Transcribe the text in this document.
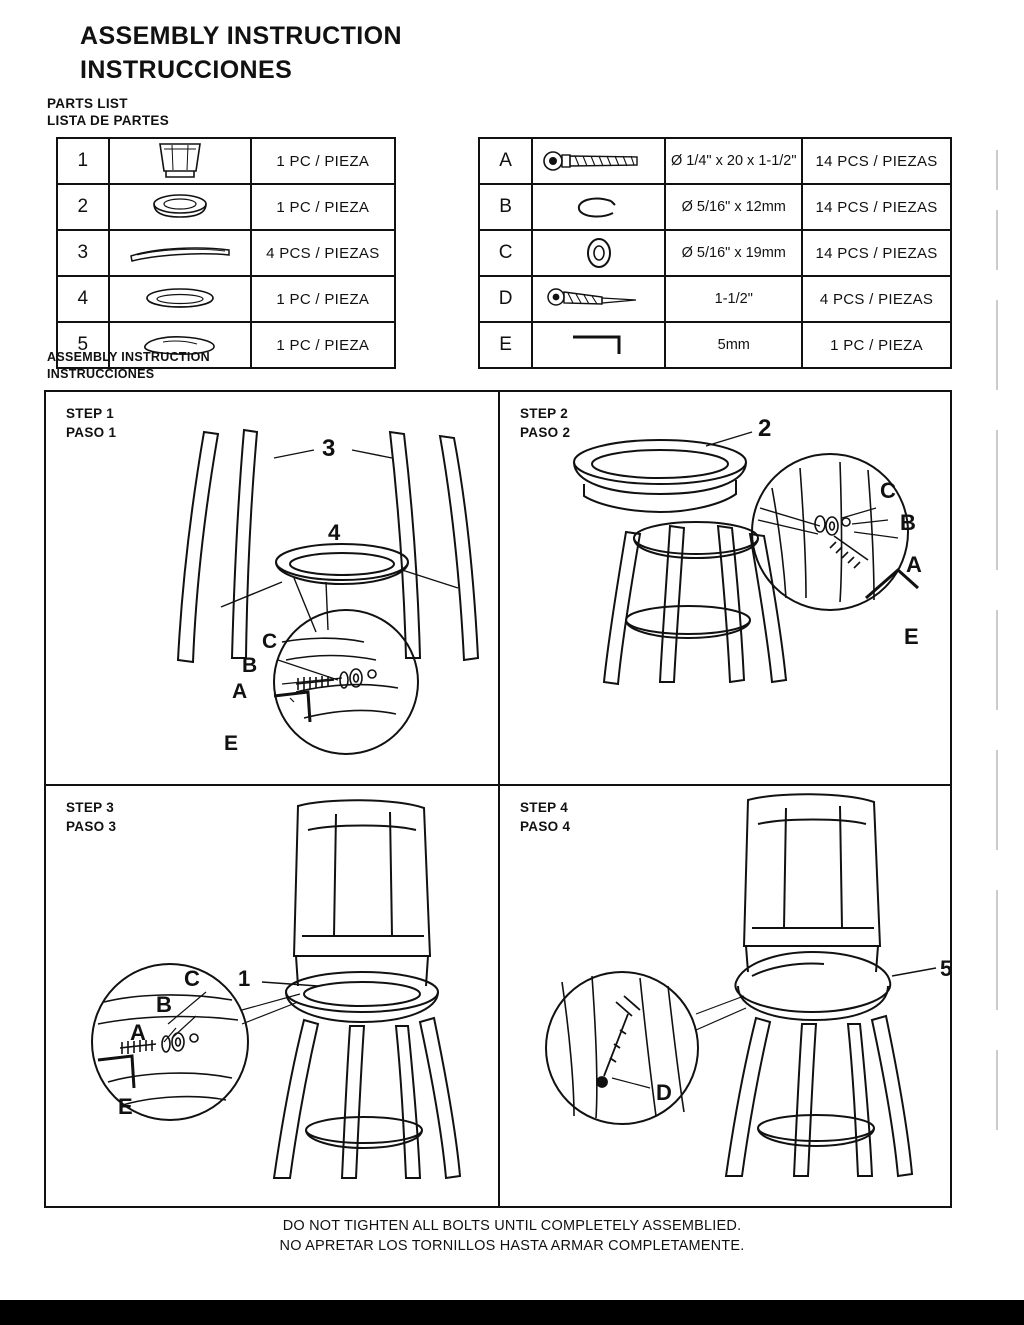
ASSEMBLY INSTRUCTION
INSTRUCCIONES
PARTS LIST
LISTA DE PARTES
1		1 PC / PIEZA
2		1 PC / PIEZA
3		4 PCS / PIEZAS
4		1 PC / PIEZA
5		1 PC / PIEZA
A		Ø 1/4" x 20 x 1-1/2"	14 PCS / PIEZAS
B		Ø 5/16" x 12mm	14 PCS / PIEZAS
C		Ø 5/16" x 19mm	14 PCS / PIEZAS
D		1-1/2"	4 PCS / PIEZAS
E		5mm	1 PC / PIEZA
ASSEMBLY INSTRUCTION
INSTRUCCIONES
STEP 1
PASO 1
3
4
C
B
A
E
STEP 2
PASO 2	2
C
B
A
E
STEP 3
PASO 3
1
C
B
A
E
STEP 4
PASO 4
5
D
DO NOT TIGHTEN ALL BOLTS UNTIL COMPLETELY ASSEMBLIED.
NO APRETAR LOS TORNILLOS HASTA ARMAR COMPLETAMENTE.
